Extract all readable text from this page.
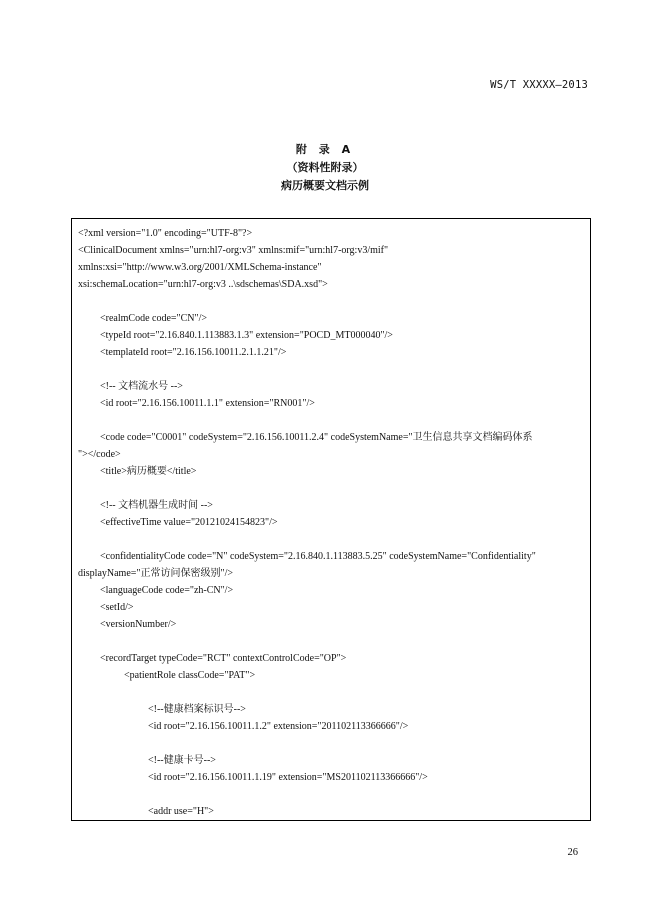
WS/T XXXXX—2013
附 录 A
（资料性附录）
病历概要文档示例
<?xml version="1.0" encoding="UTF-8"?>
<ClinicalDocument xmlns="urn:hl7-org:v3" xmlns:mif="urn:hl7-org:v3/mif"
xmlns:xsi="http://www.w3.org/2001/XMLSchema-instance"
xsi:schemaLocation="urn:hl7-org:v3 ..\sdschemas\SDA.xsd">
<realmCode code="CN"/>
<typeId root="2.16.840.1.113883.1.3" extension="POCD_MT000040"/>
<templateId root="2.16.156.10011.2.1.1.21"/>
<!-- 文档流水号 -->
<id root="2.16.156.10011.1.1" extension="RN001"/>
<code code="C0001" codeSystem="2.16.156.10011.2.4" codeSystemName="卫生信息共享文档编码体系
"></code>
<title>病历概要</title>
<!-- 文档机器生成时间 -->
<effectiveTime value="20121024154823"/>
<confidentialityCode code="N" codeSystem="2.16.840.1.113883.5.25" codeSystemName="Confidentiality"
displayName="正常访问保密级别"/>
<languageCode code="zh-CN"/>
<setId/>
<versionNumber/>
<recordTarget typeCode="RCT" contextControlCode="OP">
<patientRole classCode="PAT">
<!--健康档案标识号-->
<id root="2.16.156.10011.1.2" extension="201102113366666"/>
<!--健康卡号-->
<id root="2.16.156.10011.1.19" extension="MS201102113366666"/>
<addr use="H">
26
